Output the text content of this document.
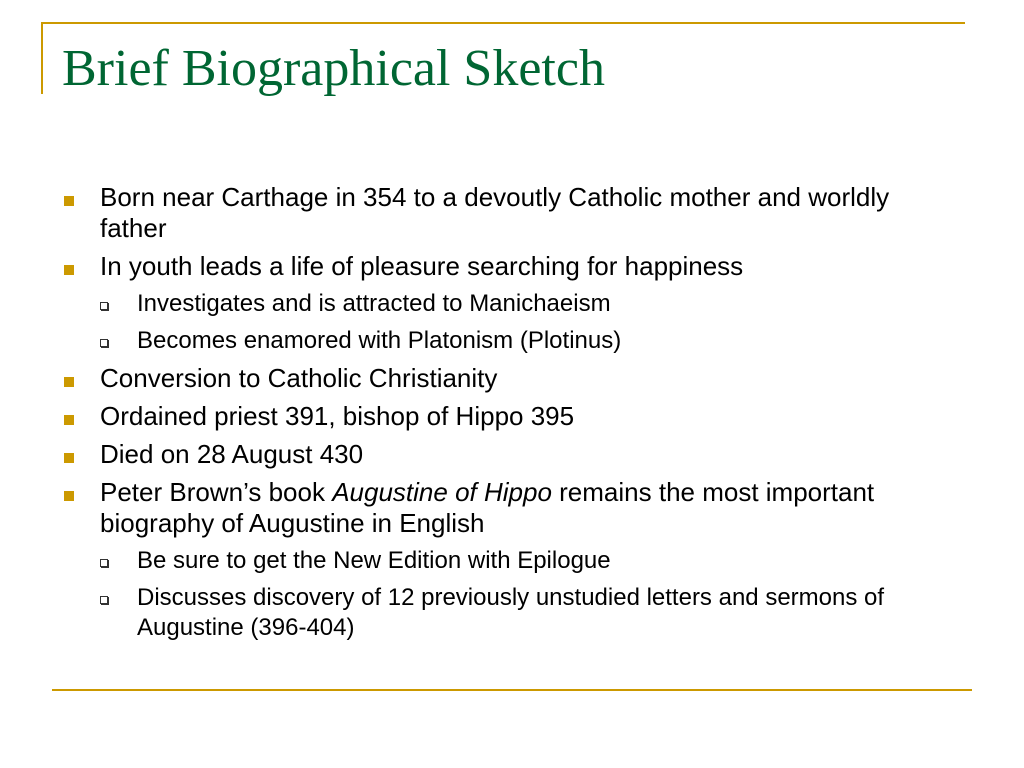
Brief Biographical Sketch
Born near Carthage in 354 to a devoutly Catholic mother and worldly father
In youth leads a life of pleasure searching for happiness
Investigates and is attracted to Manichaeism
Becomes enamored with Platonism (Plotinus)
Conversion to Catholic Christianity
Ordained priest 391, bishop of Hippo 395
Died on 28 August 430
Peter Brown’s book Augustine of Hippo remains the most important biography of Augustine in English
Be sure to get the New Edition with Epilogue
Discusses discovery of 12 previously unstudied letters and sermons of Augustine (396-404)
